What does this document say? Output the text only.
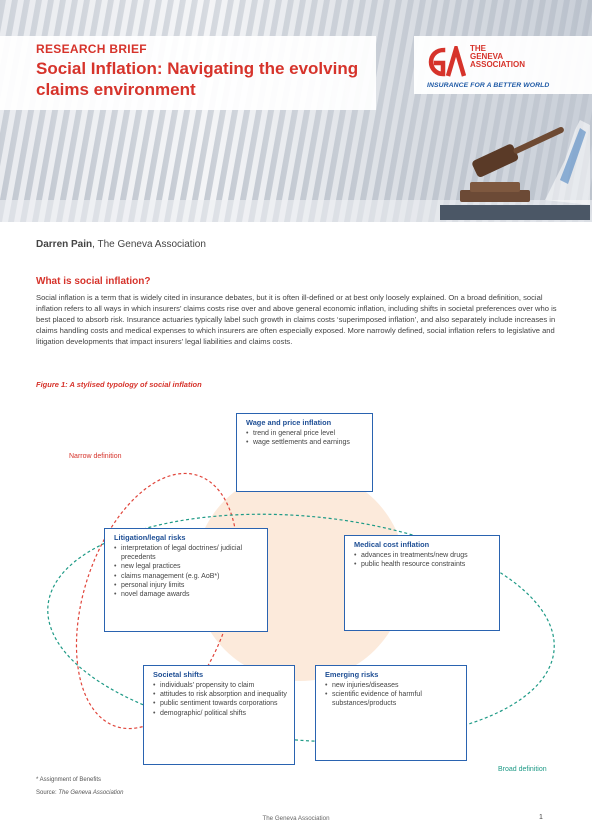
RESEARCH BRIEF
Social Inflation: Navigating the evolving claims environment
THE
GENEVA
ASSOCIATION
INSURANCE FOR A BETTER WORLD
Darren Pain, The Geneva Association
What is social inflation?
Social inflation is a term that is widely cited in insurance debates, but it is often ill-defined or at best only loosely explained. On a broad definition, social inflation refers to all ways in which insurers’ claims costs rise over and above general economic inflation, including shifts in societal preferences over who is best placed to absorb risk. Insurance actuaries typically label such growth in claims costs ‘superimposed inflation’, and also separately include increases in claims handling costs and medical expenses to which insurers are often especially exposed. More narrowly defined, social inflation refers to legislative and litigation developments that impact insurers’ legal liabilities and claims costs.
Figure 1: A stylised typology of social inflation
Narrow definition
Broad definition
Wage and price inflation
• trend in general price level
• wage settlements and earnings
Litigation/legal risks
• interpretation of legal doctrines/ judicial precedents
• new legal practices
• claims management (e.g. AoB*)
• personal injury limits
• novel damage awards
Medical cost inflation
• advances in treatments/new drugs
• public health resource constraints
Societal shifts
• individuals’ propensity to claim
• attitudes to risk absorption and inequality
• public sentiment towards corporations
• demographic/ political shifts
Emerging risks
• new injuries/diseases
• scientific evidence of harmful substances/products
* Assignment of Benefits
Source: The Geneva Association
The Geneva Association	1
